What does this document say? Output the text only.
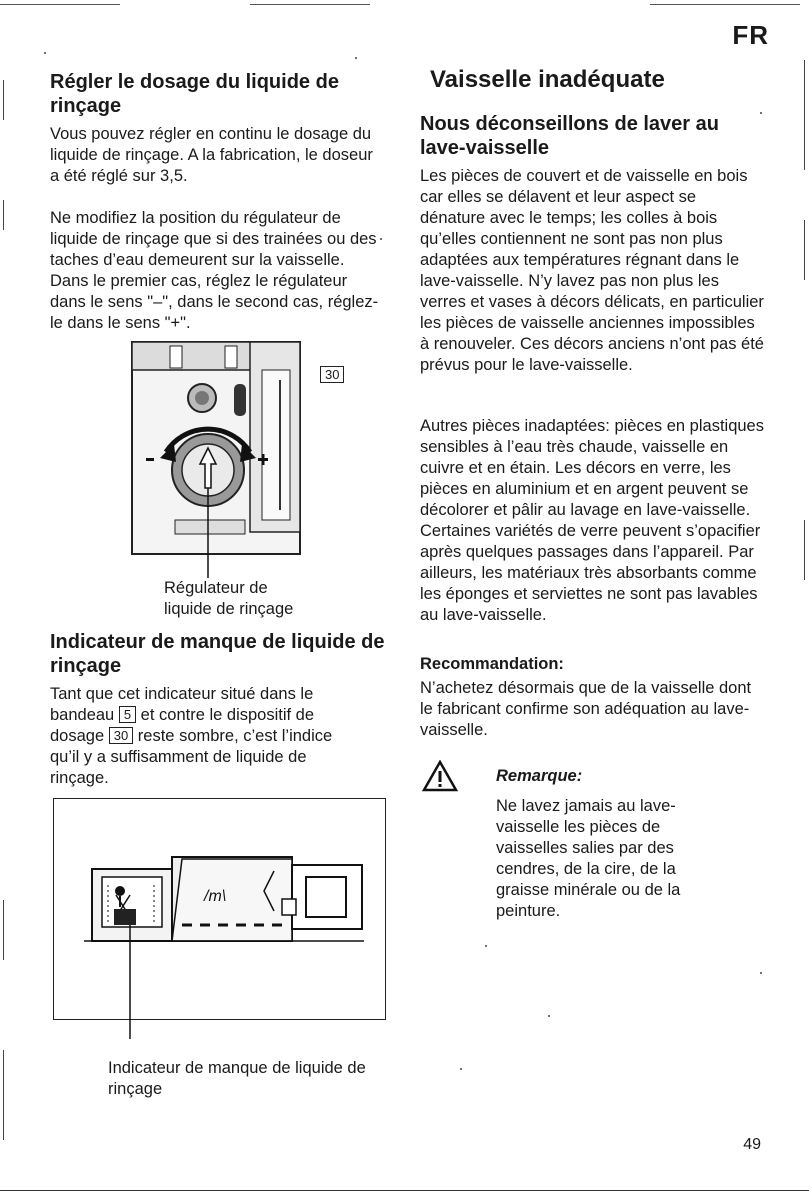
FR
Régler le dosage du liquide de rinçage
Vous pouvez régler en continu le dosage du liquide de rinçage. A la fabrication, le doseur a été réglé sur 3,5.
Ne modifiez la position du régulateur de liquide de rinçage que si des trainées ou des taches d’eau demeurent sur la vaisselle. Dans le premier cas, réglez le régulateur dans le sens "–", dans le second cas, réglez-le dans le sens "+".
30
Régulateur de
liquide de rinçage
Indicateur de manque de liquide de rinçage
Tant que cet indicateur situé dans le
bandeau 5 et contre le dispositif de
dosage 30 reste sombre, c’est l’indice
qu’il y a suffisamment de liquide de
rinçage.
/m\
Indicateur de manque de liquide de
rinçage
Vaisselle inadéquate
Nous déconseillons de laver au lave-vaisselle
Les pièces de couvert et de vaisselle en bois car elles se délavent et leur aspect se dénature avec le temps; les colles à bois qu’elles contiennent ne sont pas non plus adaptées aux températures régnant dans le lave-vaisselle. N’y lavez pas non plus les verres et vases à décors délicats, en particulier les pièces de vaisselle anciennes impossibles à renouveler. Ces décors anciens n’ont pas été prévus pour le lave-vaisselle.
Autres pièces inadaptées: pièces en plastiques sensibles à l’eau très chaude, vaisselle en cuivre et en étain. Les décors en verre, les pièces en aluminium et en argent peuvent se décolorer et pâlir au lavage en lave-vaisselle. Certaines variétés de verre peuvent s’opacifier après quelques passages dans l’appareil. Par ailleurs, les matériaux très absorbants comme les éponges et serviettes ne sont pas lavables au lave-vaisselle.
Recommandation:
N’achetez désormais que de la vaisselle dont le fabricant confirme son adéquation au lave-vaisselle.
Remarque:
Ne lavez jamais au lave-vaisselle les pièces de vaisselles salies par des cendres, de la cire, de la graisse minérale ou de la peinture.
49
